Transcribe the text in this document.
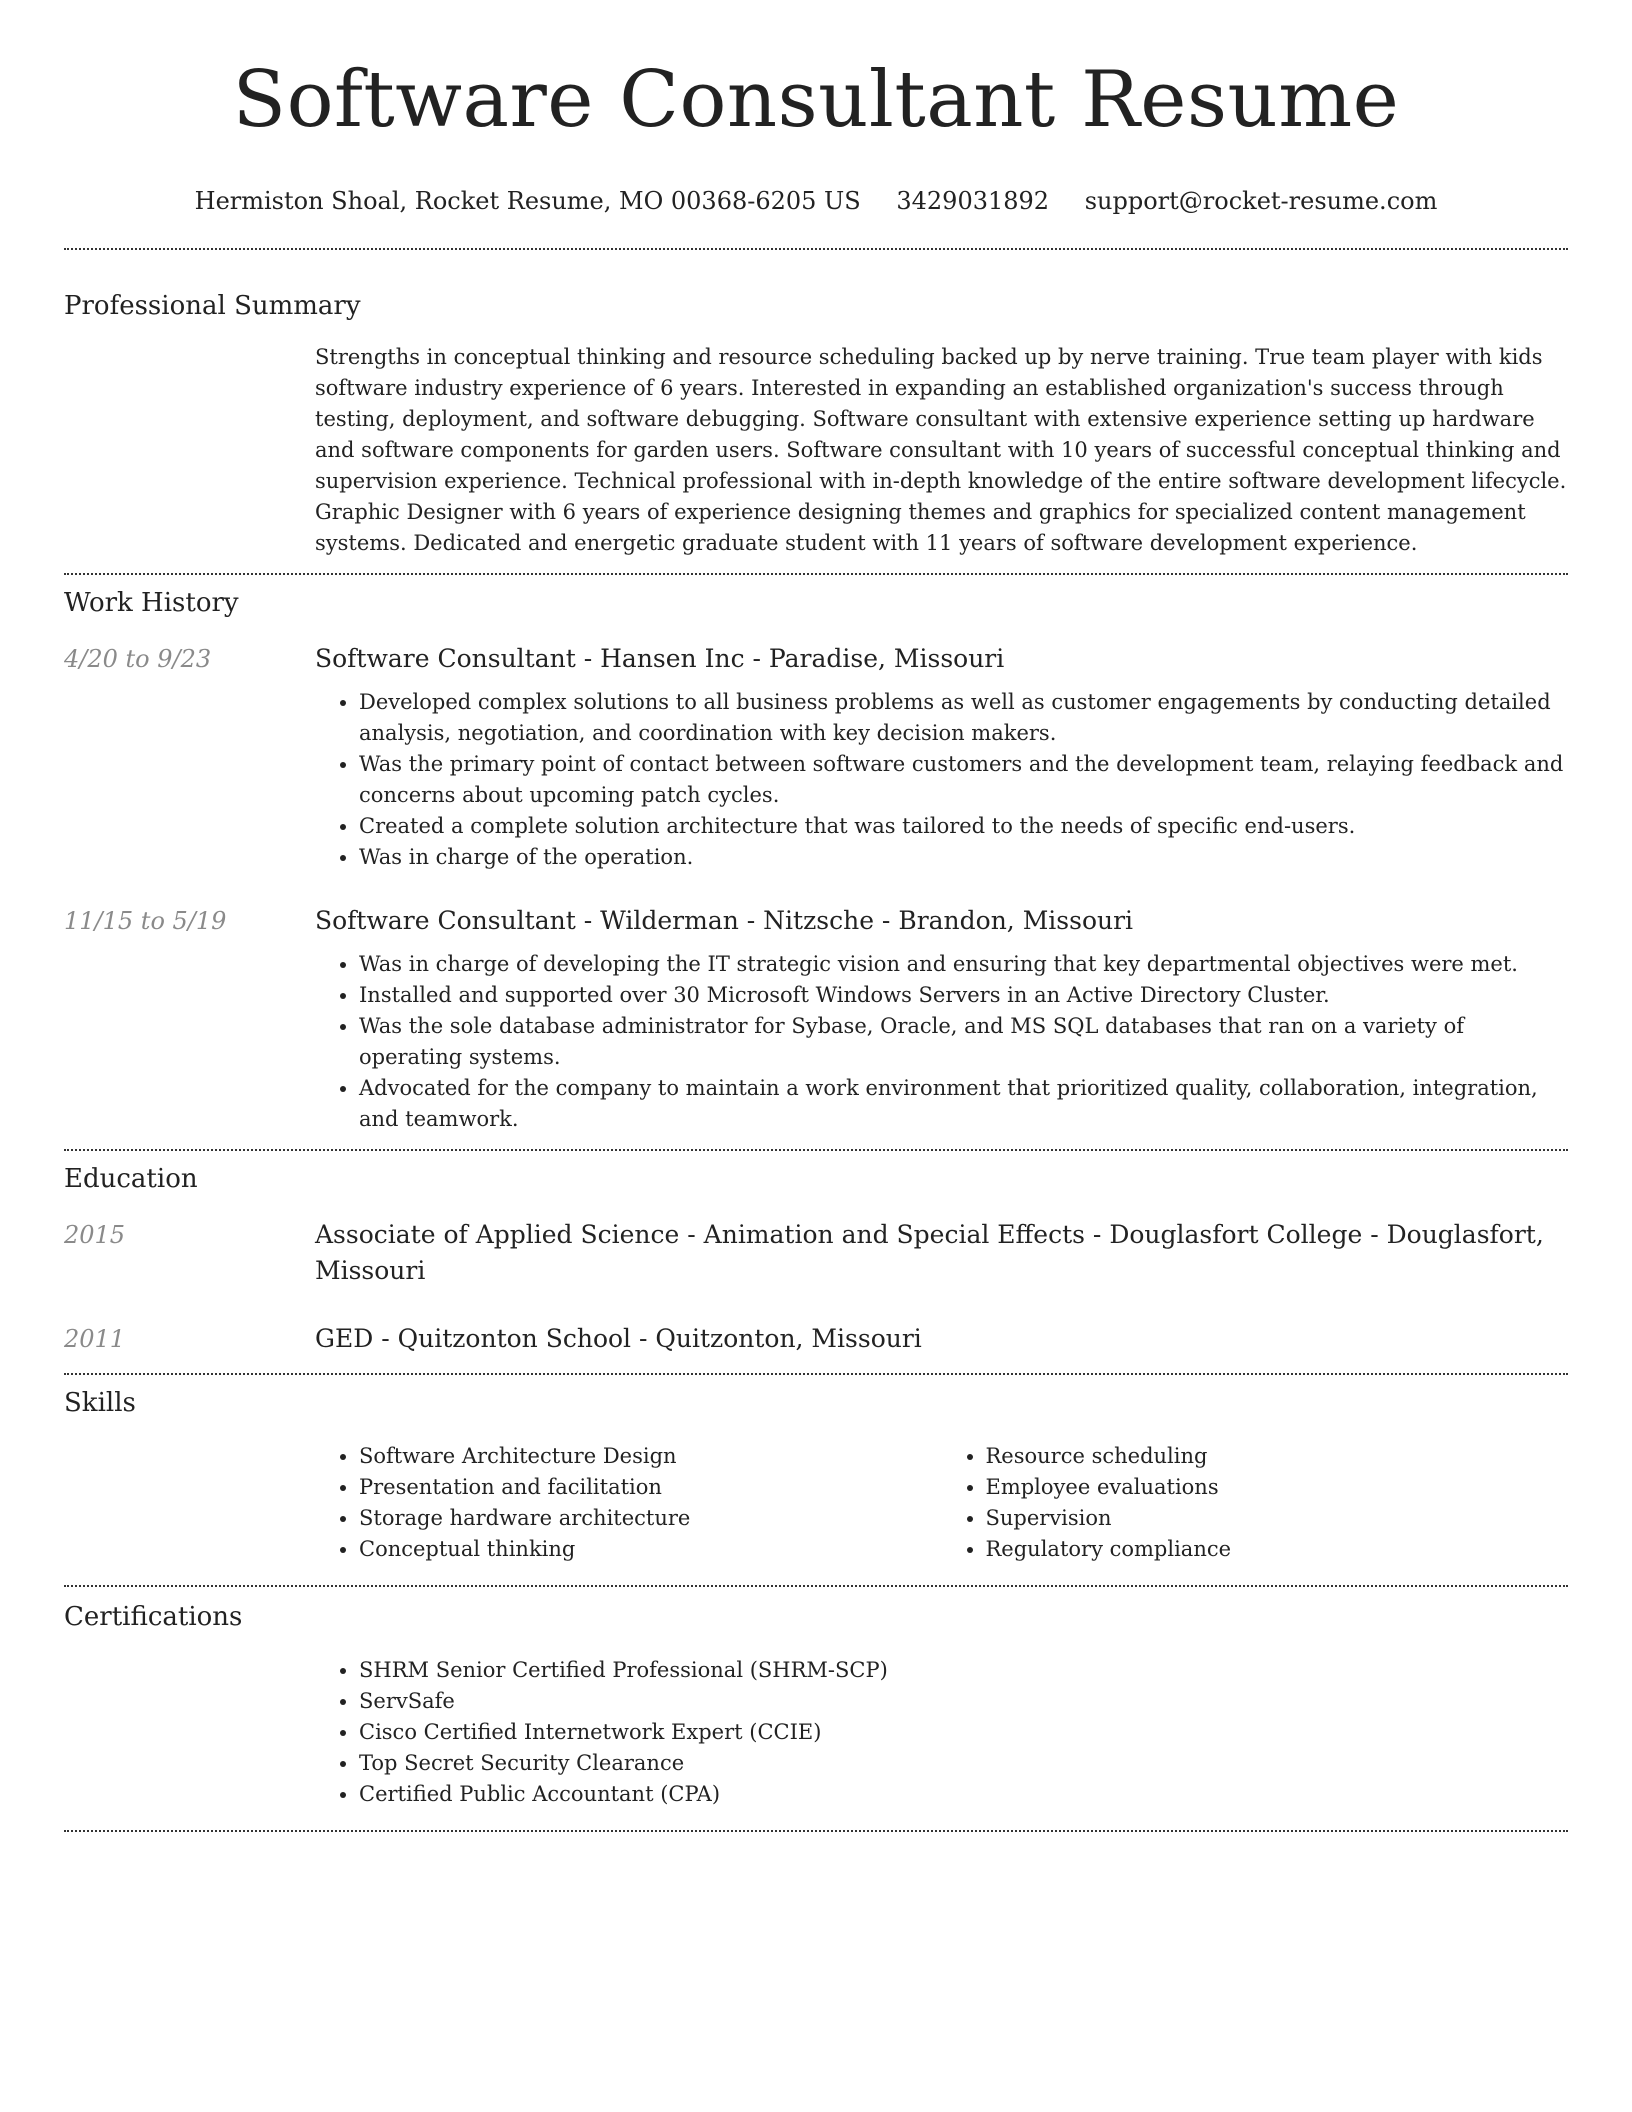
Software Consultant Resume
Hermiston Shoal, Rocket Resume, MO 00368-6205 US 3429031892 support@rocket-resume.com
Professional Summary
Strengths in conceptual thinking and resource scheduling backed up by nerve training. True team player with kids software industry experience of 6 years. Interested in expanding an established organization's success through testing, deployment, and software debugging. Software consultant with extensive experience setting up hardware and software components for garden users. Software consultant with 10 years of successful conceptual thinking and supervision experience. Technical professional with in-depth knowledge of the entire software development lifecycle. Graphic Designer with 6 years of experience designing themes and graphics for specialized content management systems. Dedicated and energetic graduate student with 11 years of software development experience.
Work History
4/20 to 9/23	Software Consultant - Hansen Inc - Paradise, Missouri
• Developed complex solutions to all business problems as well as customer engagements by conducting detailed analysis, negotiation, and coordination with key decision makers.
• Was the primary point of contact between software customers and the development team, relaying feedback and concerns about upcoming patch cycles.
• Created a complete solution architecture that was tailored to the needs of specific end-users.
• Was in charge of the operation.
11/15 to 5/19	Software Consultant - Wilderman - Nitzsche - Brandon, Missouri
• Was in charge of developing the IT strategic vision and ensuring that key departmental objectives were met.
• Installed and supported over 30 Microsoft Windows Servers in an Active Directory Cluster.
• Was the sole database administrator for Sybase, Oracle, and MS SQL databases that ran on a variety of operating systems.
• Advocated for the company to maintain a work environment that prioritized quality, collaboration, integration, and teamwork.
Education
2015	Associate of Applied Science - Animation and Special Effects - Douglasfort College - Douglasfort, Missouri
2011	GED - Quitzonton School - Quitzonton, Missouri
Skills
• Software Architecture Design
• Presentation and facilitation
• Storage hardware architecture
• Conceptual thinking
• Resource scheduling
• Employee evaluations
• Supervision
• Regulatory compliance
Certifications
• SHRM Senior Certified Professional (SHRM-SCP)
• ServSafe
• Cisco Certified Internetwork Expert (CCIE)
• Top Secret Security Clearance
• Certified Public Accountant (CPA)
